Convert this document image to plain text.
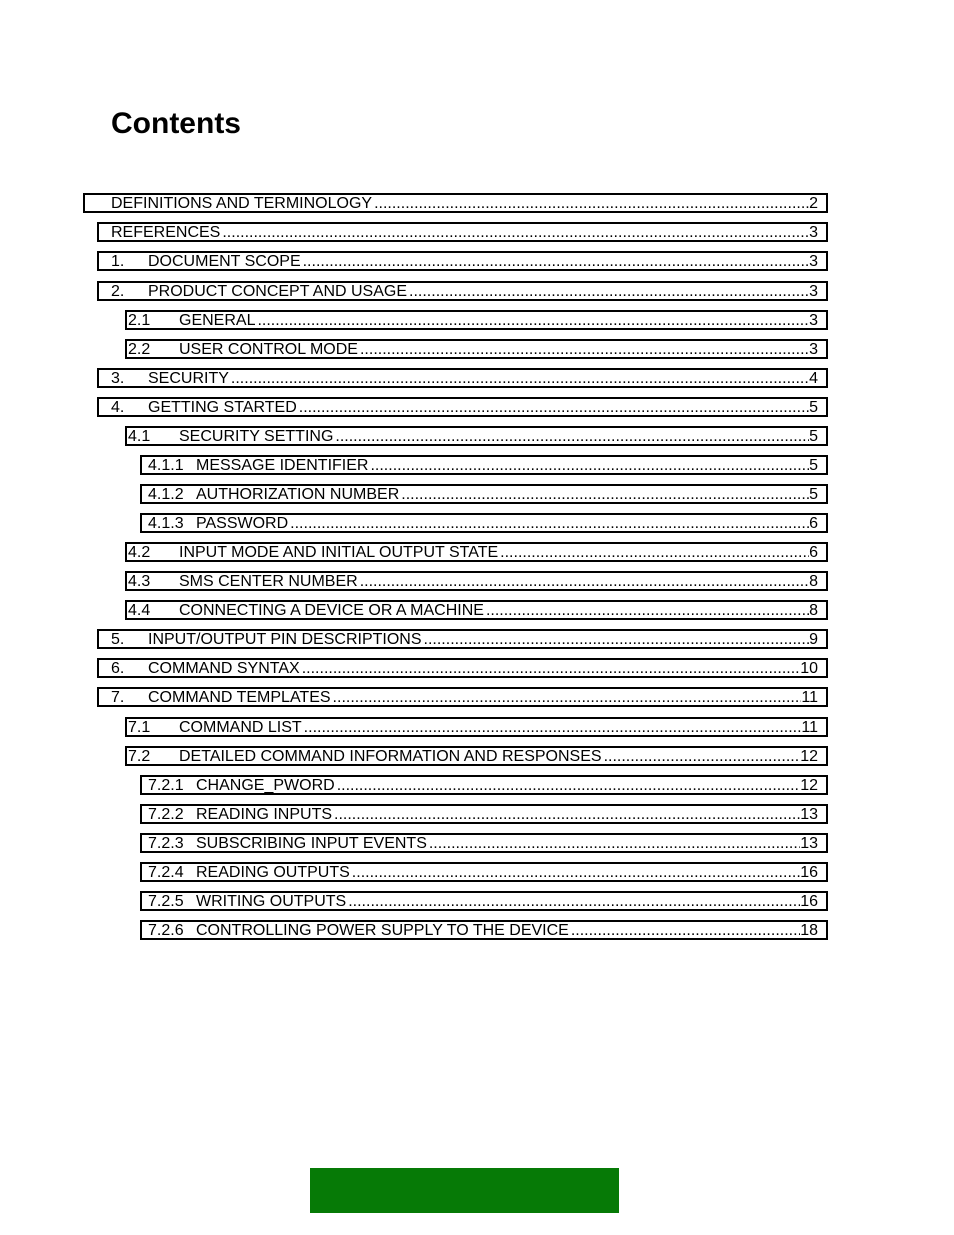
Contents
DEFINITIONS AND TERMINOLOGY .....	2
REFERENCES .....	3
1. DOCUMENT SCOPE .....	3
2. PRODUCT CONCEPT AND USAGE .....	3
2.1 GENERAL .....	3
2.2 USER CONTROL MODE .....	3
3. SECURITY .....	4
4. GETTING STARTED .....	5
4.1 SECURITY SETTING .....	5
4.1.1 MESSAGE IDENTIFIER .....	5
4.1.2 AUTHORIZATION NUMBER .....	5
4.1.3 PASSWORD .....	6
4.2 INPUT MODE AND INITIAL OUTPUT STATE .....	6
4.3 SMS CENTER NUMBER .....	8
4.4 CONNECTING A DEVICE OR A MACHINE .....	8
5. INPUT/OUTPUT PIN DESCRIPTIONS .....	9
6. COMMAND SYNTAX .....	10
7. COMMAND TEMPLATES .....	11
7.1 COMMAND LIST .....	11
7.2 DETAILED COMMAND INFORMATION AND RESPONSES .....	12
7.2.1 CHANGE_PWORD .....	12
7.2.2 READING INPUTS .....	13
7.2.3 SUBSCRIBING INPUT EVENTS .....	13
7.2.4 READING OUTPUTS .....	16
7.2.5 WRITING OUTPUTS .....	16
7.2.6 CONTROLLING POWER SUPPLY TO THE DEVICE .....	18
